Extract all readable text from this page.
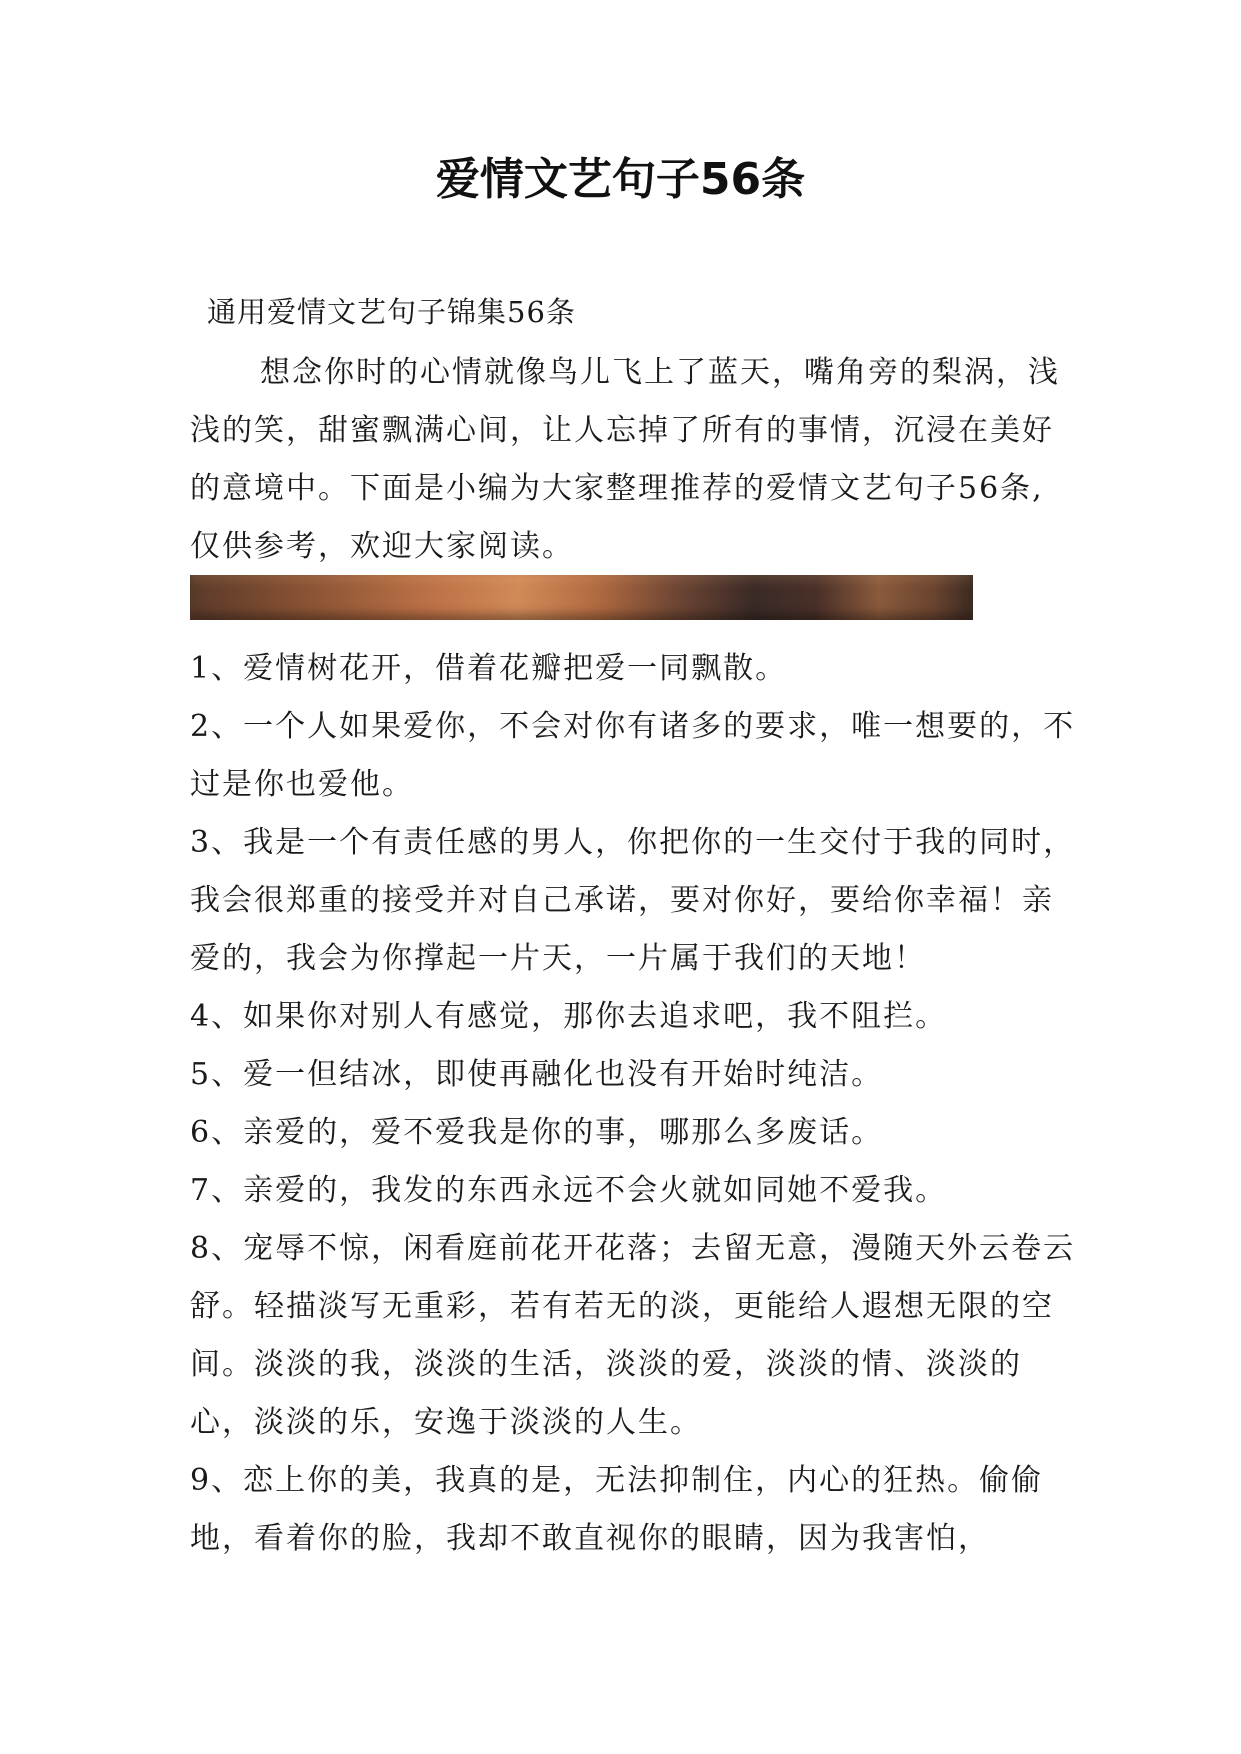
爱情文艺句子56条

通用爱情文艺句子锦集56条

想念你时的心情就像鸟儿飞上了蓝天，嘴角旁的梨涡，浅浅的笑，甜蜜飘满心间，让人忘掉了所有的事情，沉浸在美好的意境中。下面是小编为大家整理推荐的爱情文艺句子56条,仅供参考，欢迎大家阅读。

1、爱情树花开，借着花瓣把爱一同飘散。
2、一个人如果爱你，不会对你有诸多的要求，唯一想要的，不过是你也爱他。
3、我是一个有责任感的男人，你把你的一生交付于我的同时，我会很郑重的接受并对自己承诺，要对你好，要给你幸福！亲爱的，我会为你撑起一片天，一片属于我们的天地！
4、如果你对别人有感觉，那你去追求吧，我不阻拦。
5、爱一但结冰，即使再融化也没有开始时纯洁。
6、亲爱的，爱不爱我是你的事，哪那么多废话。
7、亲爱的，我发的东西永远不会火就如同她不爱我。
8、宠辱不惊，闲看庭前花开花落；去留无意，漫随天外云卷云舒。轻描淡写无重彩，若有若无的淡，更能给人遐想无限的空间。淡淡的我，淡淡的生活，淡淡的爱，淡淡的情、淡淡的心，淡淡的乐，安逸于淡淡的人生。
9、恋上你的美，我真的是，无法抑制住，内心的狂热。偷偷地，看着你的脸，我却不敢直视你的眼睛，因为我害怕，
